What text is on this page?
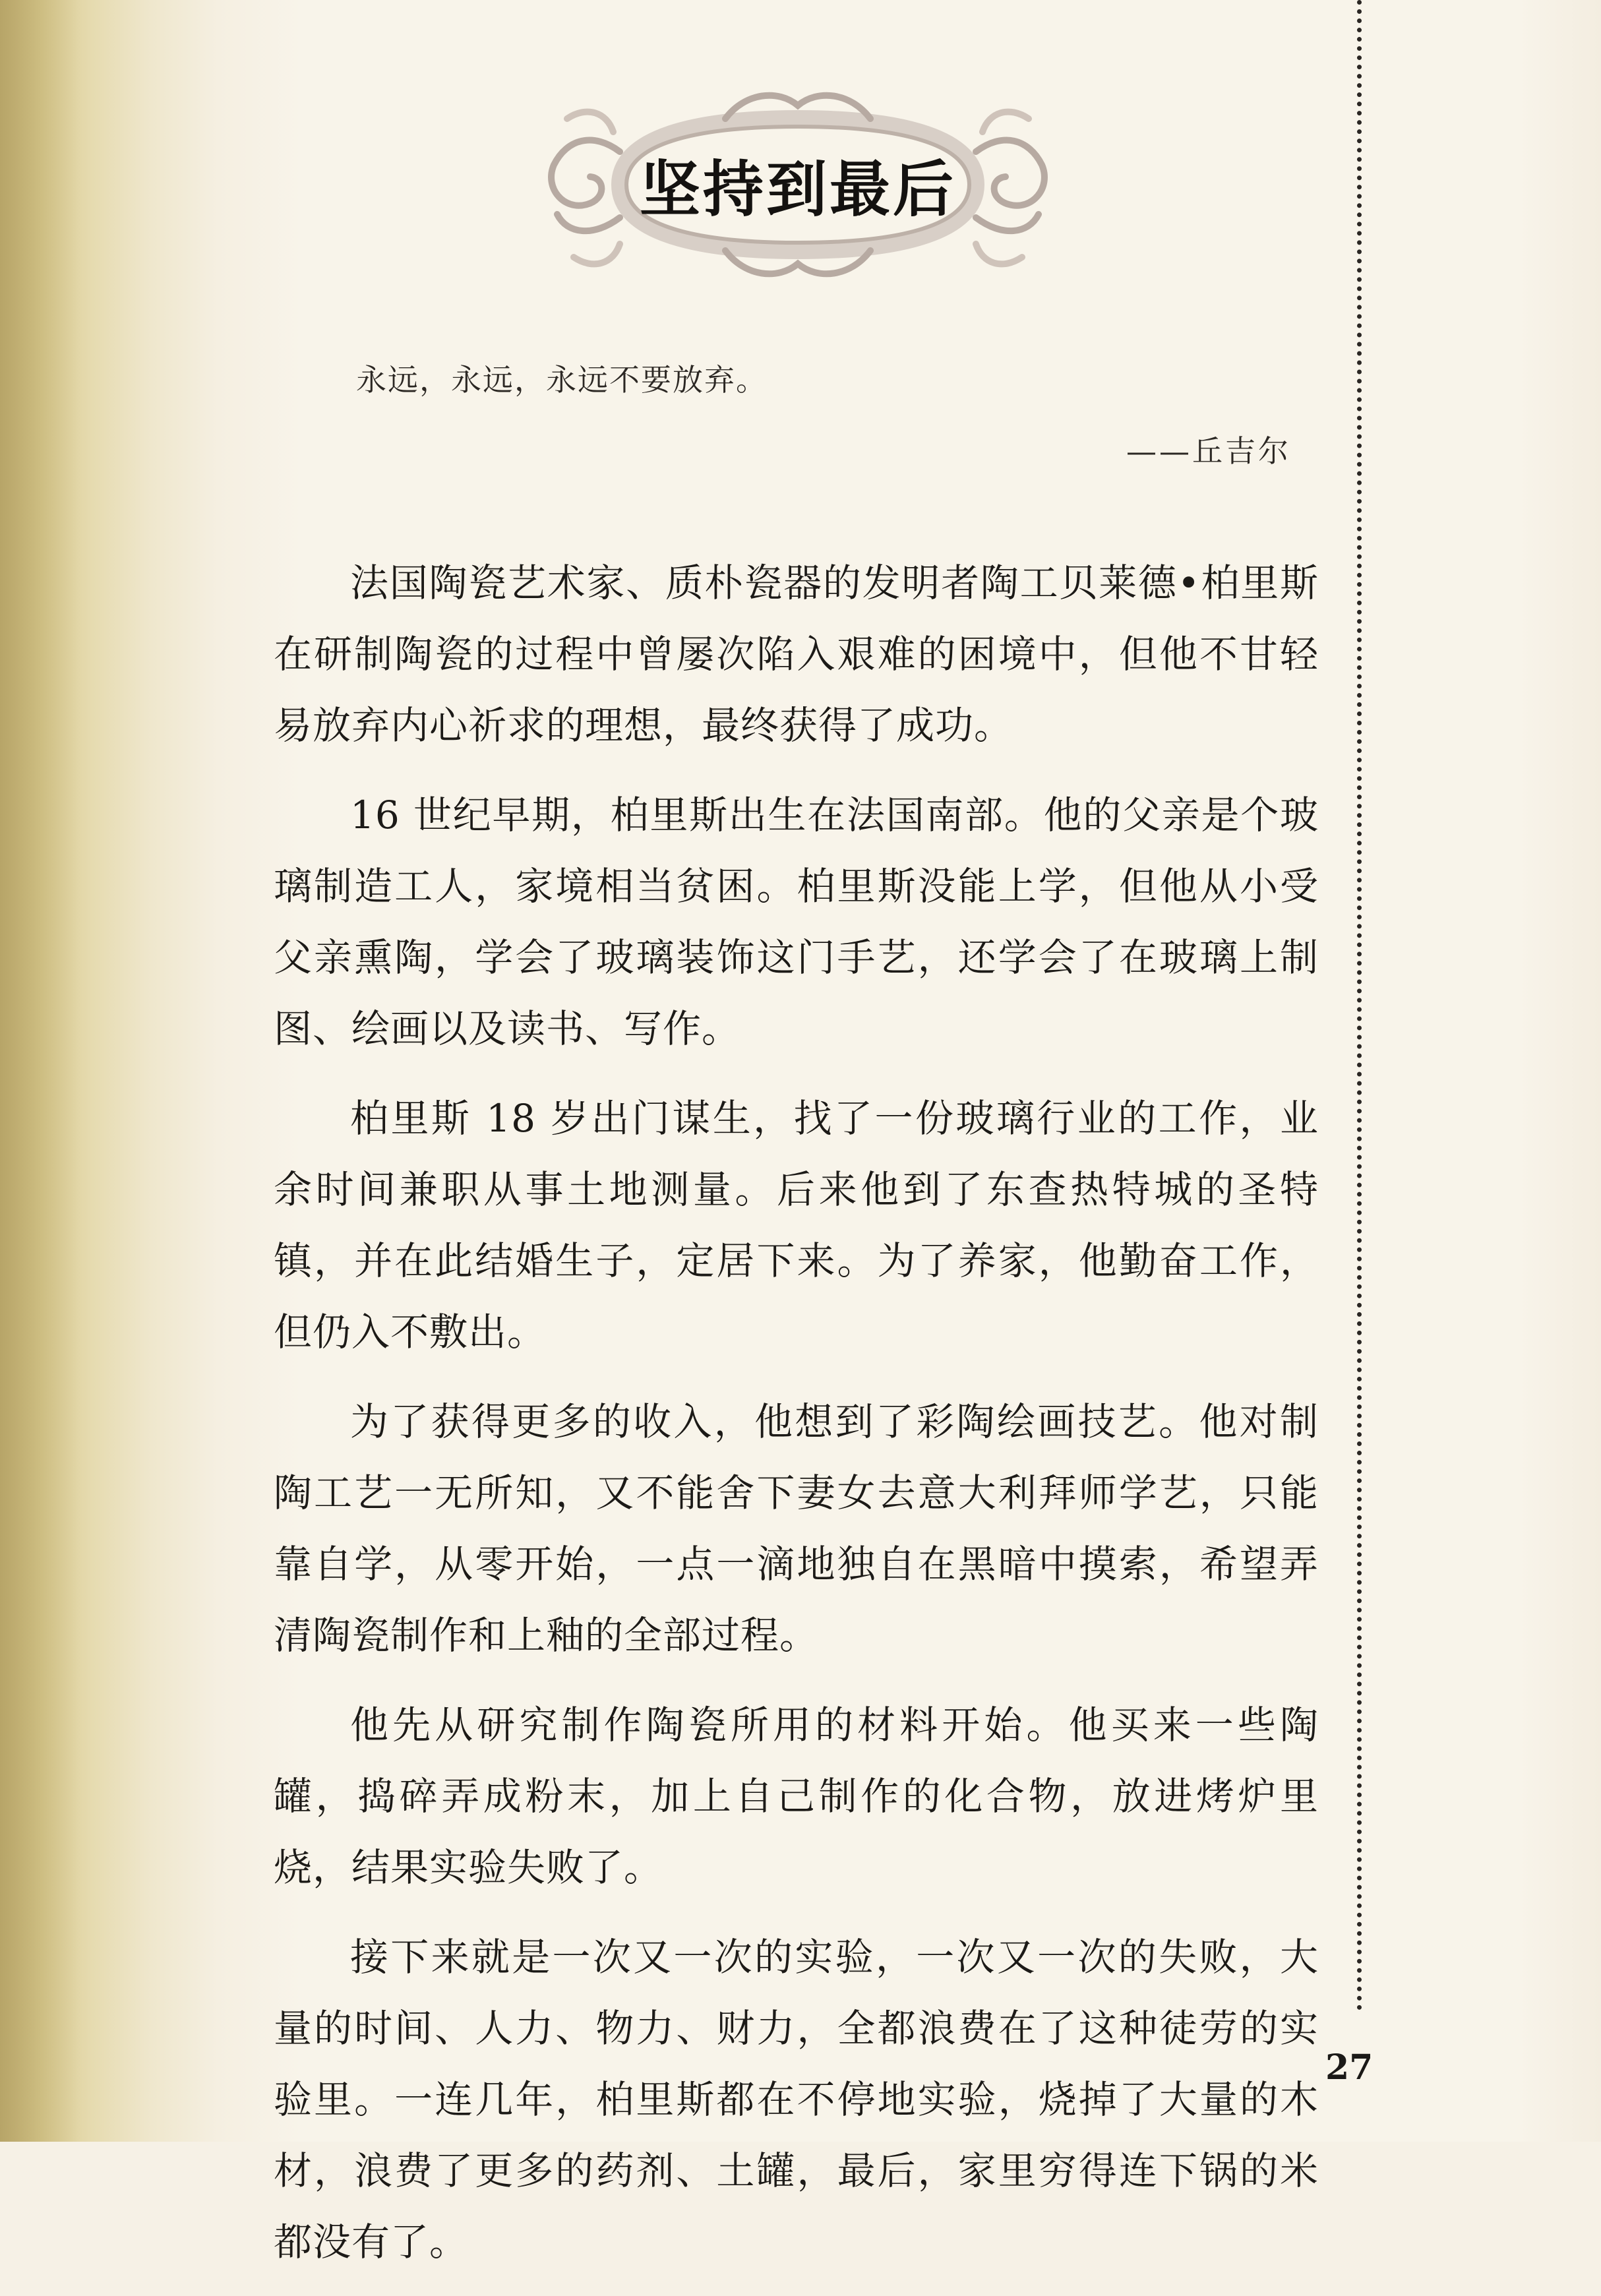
坚持到最后
永远，永远，永远不要放弃。
——丘吉尔

法国陶瓷艺术家、质朴瓷器的发明者陶工贝莱德•柏里斯在研制陶瓷的过程中曾屡次陷入艰难的困境中，但他不甘轻易放弃内心祈求的理想，最终获得了成功。

16 世纪早期，柏里斯出生在法国南部。他的父亲是个玻璃制造工人，家境相当贫困。柏里斯没能上学，但他从小受父亲熏陶，学会了玻璃装饰这门手艺，还学会了在玻璃上制图、绘画以及读书、写作。

柏里斯 18 岁出门谋生，找了一份玻璃行业的工作，业余时间兼职从事土地测量。后来他到了东查热特城的圣特镇，并在此结婚生子，定居下来。为了养家，他勤奋工作，但仍入不敷出。

为了获得更多的收入，他想到了彩陶绘画技艺。他对制陶工艺一无所知，又不能舍下妻女去意大利拜师学艺，只能靠自学，从零开始，一点一滴地独自在黑暗中摸索，希望弄清陶瓷制作和上釉的全部过程。

他先从研究制作陶瓷所用的材料开始。他买来一些陶罐，捣碎弄成粉末，加上自己制作的化合物，放进烤炉里烧，结果实验失败了。

接下来就是一次又一次的实验，一次又一次的失败，大量的时间、人力、物力、财力，全都浪费在了这种徒劳的实验里。一连几年，柏里斯都在不停地实验，烧掉了大量的木材，浪费了更多的药剂、土罐，最后，家里穷得连下锅的米都没有了。

27
